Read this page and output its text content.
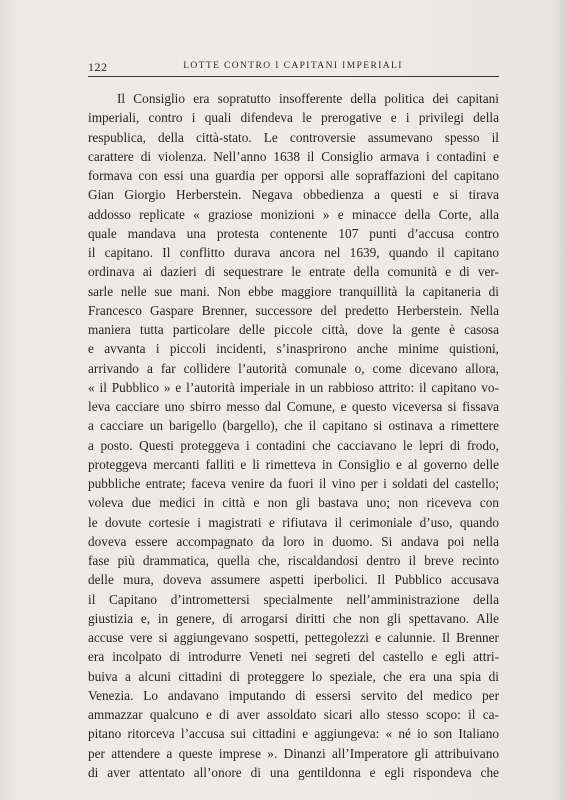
122	LOTTE CONTRO I CAPITANI IMPERIALI
Il Consiglio era sopratutto insofferente della politica dei capitani
imperiali, contro i quali difendeva le prerogative e i privilegi della
respublica, della città-stato. Le controversie assumevano spesso il
carattere di violenza. Nell’anno 1638 il Consiglio armava i contadini e
formava con essi una guardia per opporsi alle sopraffazioni del capitano
Gian Giorgio Herberstein. Negava obbedienza a questi e si tirava
addosso replicate « graziose monizioni » e minacce della Corte, alla
quale mandava una protesta contenente 107 punti d’accusa contro
il capitano. Il conflitto durava ancora nel 1639, quando il capitano
ordinava ai dazieri di sequestrare le entrate della comunità e di ver-
sarle nelle sue mani. Non ebbe maggiore tranquillità la capitaneria di
Francesco Gaspare Brenner, successore del predetto Herberstein. Nella
maniera tutta particolare delle piccole città, dove la gente è casosa
e avvanta i piccoli incidenti, s’inasprirono anche minime quistioni,
arrivando a far collidere l’autorità comunale o, come dicevano allora,
« il Pubblico » e l’autorità imperiale in un rabbioso attrito: il capitano vo-
leva cacciare uno sbirro messo dal Comune, e questo viceversa si fissava
a cacciare un barigello (bargello), che il capitano si ostinava a rimettere
a posto. Questi proteggeva i contadini che cacciavano le lepri di frodo,
proteggeva mercanti falliti e li rimetteva in Consiglio e al governo delle
pubbliche entrate; faceva venire da fuori il vino per i soldati del castello;
voleva due medici in città e non gli bastava uno; non riceveva con
le dovute cortesie i magistrati e rifiutava il cerimoniale d’uso, quando
doveva essere accompagnato da loro in duomo. Si andava poi nella
fase più drammatica, quella che, riscaldandosi dentro il breve recinto
delle mura, doveva assumere aspetti iperbolici. Il Pubblico accusava
il Capitano d’intromettersi specialmente nell’amministrazione della
giustizia e, in genere, di arrogarsi diritti che non gli spettavano. Alle
accuse vere si aggiungevano sospetti, pettegolezzi e calunnie. Il Brenner
era incolpato di introdurre Veneti nei segreti del castello e egli attri-
buiva a alcuni cittadini di proteggere lo speziale, che era una spia di
Venezia. Lo andavano imputando di essersi servito del medico per
ammazzar qualcuno e di aver assoldato sicari allo stesso scopo: il ca-
pitano ritorceva l’accusa sui cittadini e aggiungeva: « né io son Italiano
per attendere a queste imprese ». Dinanzi all’Imperatore gli attribuivano
di aver attentato all’onore di una gentildonna e egli rispondeva che
